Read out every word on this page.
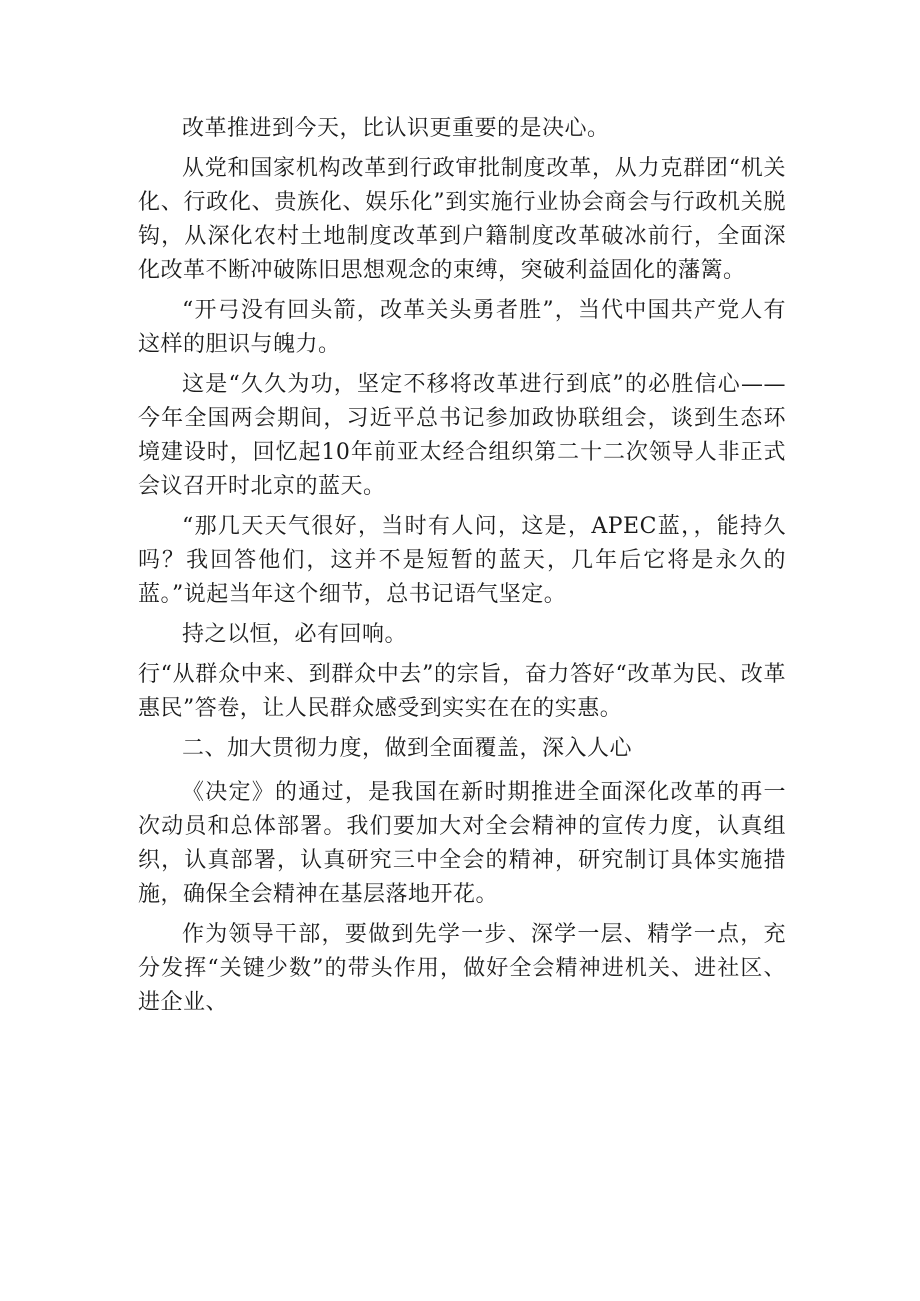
改革推进到今天，比认识更重要的是决心。

从党和国家机构改革到行政审批制度改革，从力克群团“机关化、行政化、贵族化、娱乐化”到实施行业协会商会与行政机关脱钩，从深化农村土地制度改革到户籍制度改革破冰前行，全面深化改革不断冲破陈旧思想观念的束缚，突破利益固化的藩篱。

“开弓没有回头箭，改革关头勇者胜”，当代中国共产党人有这样的胆识与魄力。

这是“久久为功，坚定不移将改革进行到底”的必胜信心——今年全国两会期间，习近平总书记参加政协联组会，谈到生态环境建设时，回忆起10年前亚太经合组织第二十二次领导人非正式会议召开时北京的蓝天。

“那几天天气很好，当时有人问，这是，APEC蓝，，能持久吗？我回答他们，这并不是短暂的蓝天，几年后它将是永久的蓝。”说起当年这个细节，总书记语气坚定。

持之以恒，必有回响。

行“从群众中来、到群众中去”的宗旨，奋力答好“改革为民、改革惠民”答卷，让人民群众感受到实实在在的实惠。

二、加大贯彻力度，做到全面覆盖，深入人心

《决定》的通过，是我国在新时期推进全面深化改革的再一次动员和总体部署。我们要加大对全会精神的宣传力度，认真组织，认真部署，认真研究三中全会的精神，研究制订具体实施措施，确保全会精神在基层落地开花。

作为领导干部，要做到先学一步、深学一层、精学一点，充分发挥“关键少数”的带头作用，做好全会精神进机关、进社区、进企业、
